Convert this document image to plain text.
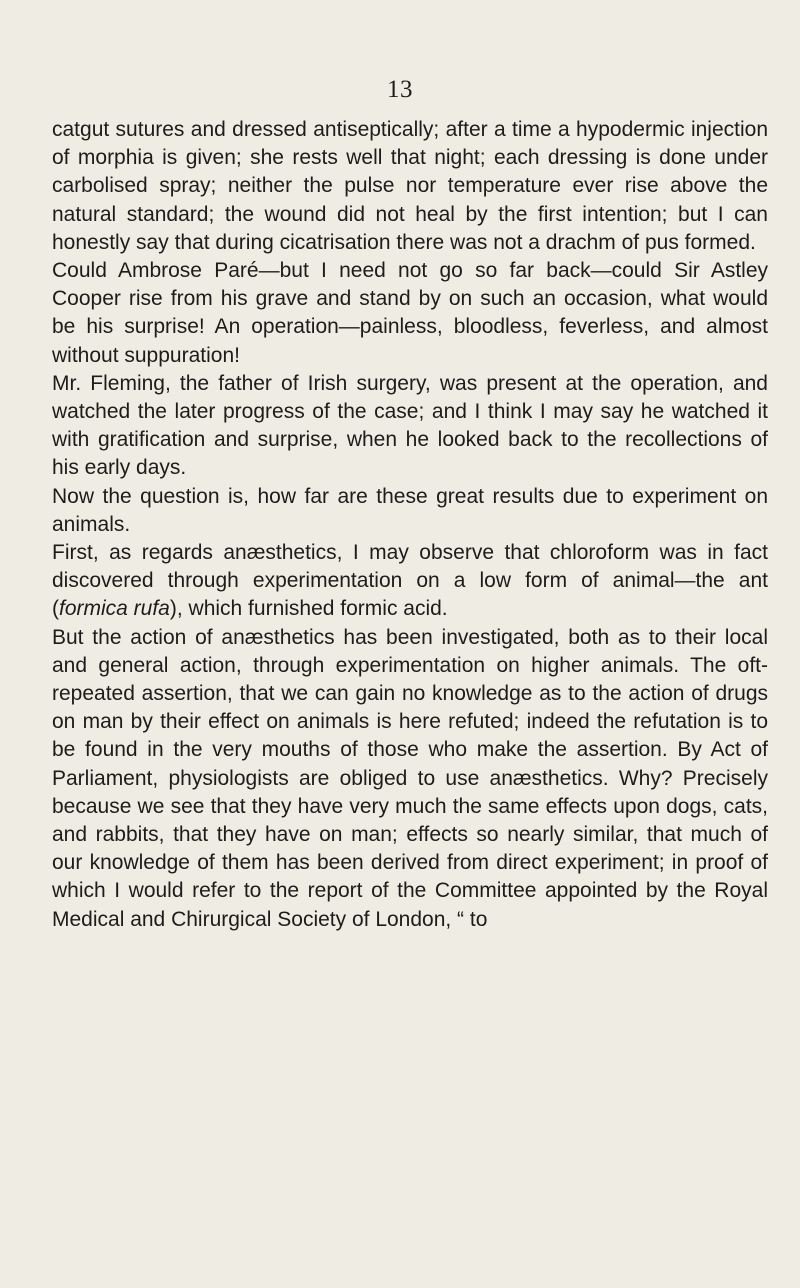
13

catgut sutures and dressed antiseptically; after a time a hypodermic injection of morphia is given; she rests well that night; each dressing is done under carbolised spray; neither the pulse nor temperature ever rise above the natural standard; the wound did not heal by the first intention; but I can honestly say that during cicatrisation there was not a drachm of pus formed.

Could Ambrose Paré—but I need not go so far back—could Sir Astley Cooper rise from his grave and stand by on such an occasion, what would be his surprise! An operation—painless, bloodless, feverless, and almost without suppuration!

Mr. Fleming, the father of Irish surgery, was present at the operation, and watched the later progress of the case; and I think I may say he watched it with gratification and surprise, when he looked back to the recollections of his early days.

Now the question is, how far are these great results due to experiment on animals.

First, as regards anæsthetics, I may observe that chloroform was in fact discovered through experimentation on a low form of animal—the ant (formica rufa), which furnished formic acid.

But the action of anæsthetics has been investigated, both as to their local and general action, through experimentation on higher animals. The oft-repeated assertion, that we can gain no knowledge as to the action of drugs on man by their effect on animals is here refuted; indeed the refutation is to be found in the very mouths of those who make the assertion. By Act of Parliament, physiologists are obliged to use anæsthetics. Why? Precisely because we see that they have very much the same effects upon dogs, cats, and rabbits, that they have on man; effects so nearly similar, that much of our knowledge of them has been derived from direct experiment; in proof of which I would refer to the report of the Committee appointed by the Royal Medical and Chirurgical Society of London, “ to
